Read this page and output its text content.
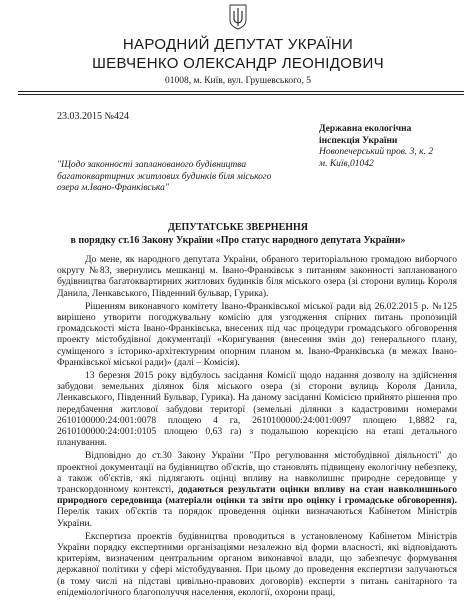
НАРОДНИЙ ДЕПУТАТ УКРАЇНИ
ШЕВЧЕНКО ОЛЕКСАНДР ЛЕОНІДОВИЧ
01008, м. Київ, вул. Грушевського, 5
23.03.2015 №424
Державна екологічна
інспекція України
Новопечерський пров. 3, к. 2
м. Київ,01042
"Щодо законності запланованого будівництва багатоквартирних житлових будинків біля міського озера м.Івано-Франківська"
ДЕПУТАТСЬКЕ ЗВЕРНЕННЯ
в порядку ст.16 Закону України «Про статус народного депутата України»

До мене, як народного депутата України, обраного територіальною громадою виборчого округу №83, звернулись мешканці м. Івано-Франківськ з питанням законності запланованого будівництва багатоквартирних житлових будинків біля міського озера (зі сторони вулиць Короля Данила, Ленкавського, Південний бульвар, Гурика).

Рішенням виконавчого комітету Івано-Франківської міської ради від 26.02.2015 р. №125 вирішено утворити погоджувальну комісію для узгодження спірних питань пропозицій громадськості міста Івано-Франківська, внесених під час процедури громадського обговорення проекту містобудівної документації «Коригування (внесення змін до) генерального плану, суміщеного з історико-архітектурним опорним планом м. Івано-Франківська (в межах Івано-Франківської міської ради)» (далі – Комісія).

13 березня 2015 року відбулось засідання Комісії щодо надання дозволу на здійснення забудови земельних ділянок біля міського озера (зі сторони вулиць Короля Данила, Ленкавського, Південний Бульвар, Гурика). На даному засіданні Комісією прийнято рішення про передбачення житлової забудови територї (земельні ділянки з кадастровими номерами 2610100000:24:001:0078 площею 4 га, 2610100000:24:001:0097 площею 1,8882 га, 2610100000:24:001:0105 площею 0,63 га) з подальшою корекцією на етапі детального планування.

Відповідно до ст.30 Закону України "Про регулювання містобудівної діяльності" до проектної документації на будівництво об'єктів, що становлять підвищену екологічну небезпеку, а також об'єктів, які підлягають оцінці впливу на навколишнє природне середовище у транскордонному контексті, додаються результати оцінки впливу на стан навколишнього природного середовища (матеріали оцінки та звіти про оцінку і громадське обговорення). Перелік таких об'єктів та порядок проведення оцінки визначаються Кабінетом Міністрів України.

Експертиза проектів будівництва проводиться в установленому Кабінетом Міністрів України порядку експертними організаціями незалежно від форми власності, які відповідають критеріям, визначеним центральним органом виконавчої влади, що забезпечує формування державної політики у сфері містобудування. При цьому до проведення експертизи залучаються (в тому числі на підставі цивільно-правових договорів) експерти з питань санітарного та епідеміологічного благополуччя населення, екології, охорони праці,
